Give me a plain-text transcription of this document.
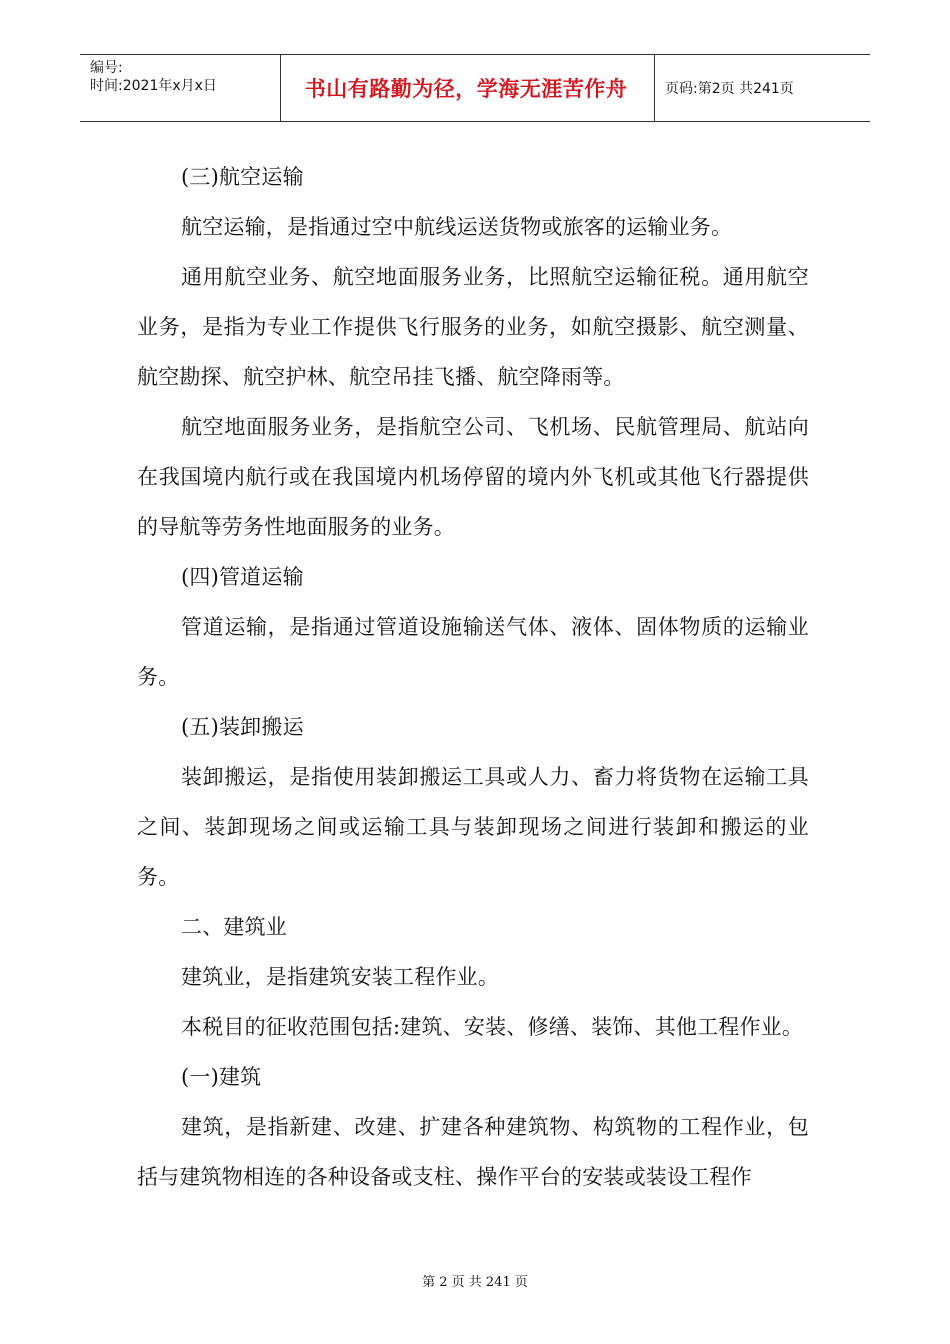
编号:
时间:2021年x月x日	书山有路勤为径，学海无涯苦作舟	页码:第2页 共241页

(三)航空运输

航空运输，是指通过空中航线运送货物或旅客的运输业务。

通用航空业务、航空地面服务业务，比照航空运输征税。通用航空业务，是指为专业工作提供飞行服务的业务，如航空摄影、航空测量、航空勘探、航空护林、航空吊挂飞播、航空降雨等。

航空地面服务业务，是指航空公司、飞机场、民航管理局、航站向在我国境内航行或在我国境内机场停留的境内外飞机或其他飞行器提供的导航等劳务性地面服务的业务。

(四)管道运输

管道运输，是指通过管道设施输送气体、液体、固体物质的运输业务。

(五)装卸搬运

装卸搬运，是指使用装卸搬运工具或人力、畜力将货物在运输工具之间、装卸现场之间或运输工具与装卸现场之间进行装卸和搬运的业务。

二、建筑业

建筑业，是指建筑安装工程作业。

本税目的征收范围包括:建筑、安装、修缮、装饰、其他工程作业。

(一)建筑

建筑，是指新建、改建、扩建各种建筑物、构筑物的工程作业，包括与建筑物相连的各种设备或支柱、操作平台的安装或装设工程作

第 2 页 共 241 页
